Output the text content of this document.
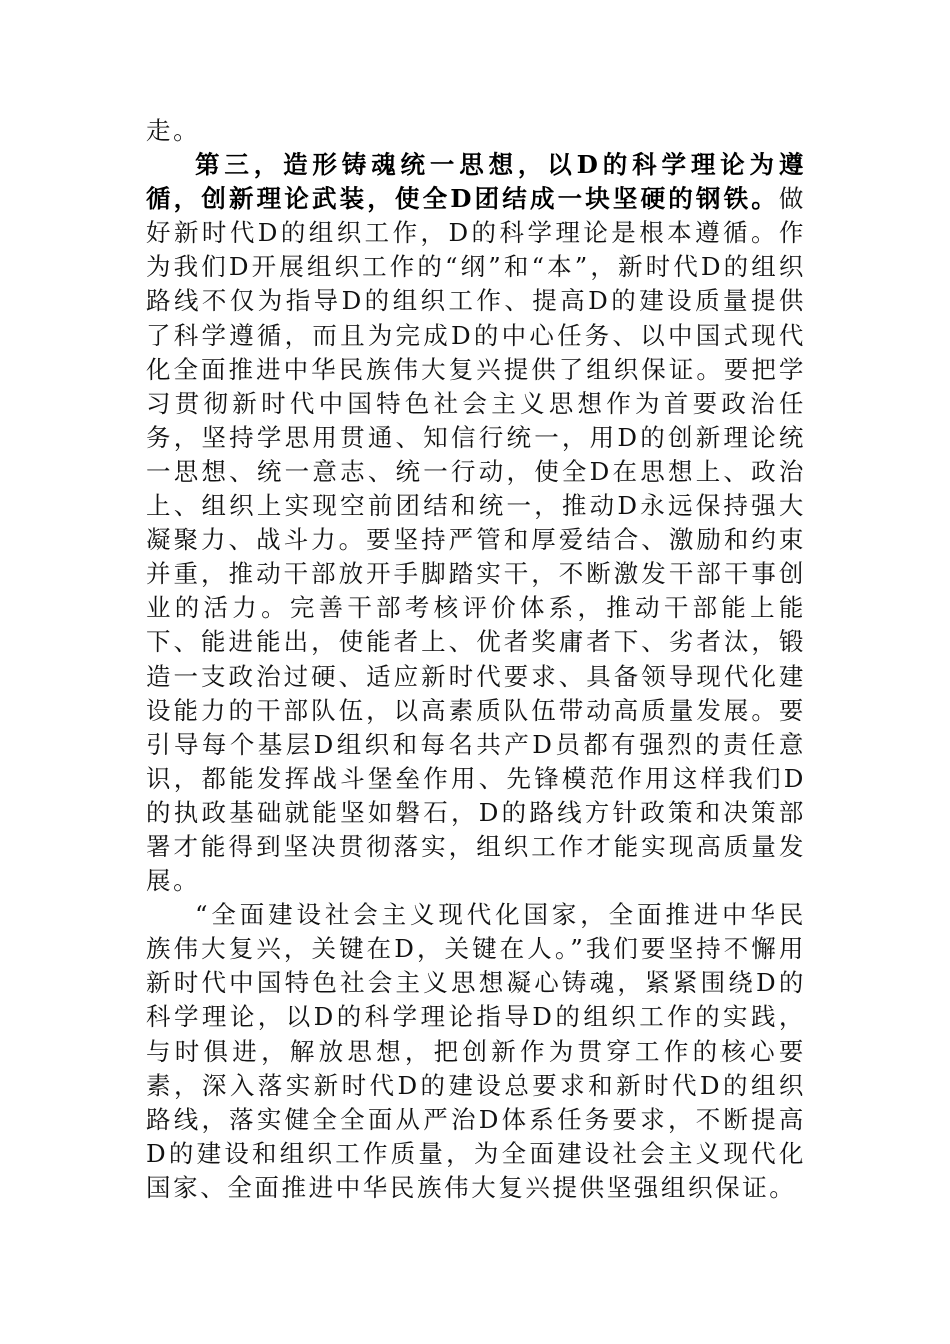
走。

第三，造形铸魂统一思想，以D的科学理论为遵循，创新理论武装，使全D团结成一块坚硬的钢铁。做好新时代D的组织工作，D的科学理论是根本遵循。作为我们D开展组织工作的“纲”和“本”，新时代D的组织路线不仅为指导D的组织工作、提高D的建设质量提供了科学遵循，而且为完成D的中心任务、以中国式现代化全面推进中华民族伟大复兴提供了组织保证。要把学习贯彻新时代中国特色社会主义思想作为首要政治任务，坚持学思用贯通、知信行统一，用D的创新理论统一思想、统一意志、统一行动，使全D在思想上、政治上、组织上实现空前团结和统一，推动D永远保持强大凝聚力、战斗力。要坚持严管和厚爱结合、激励和约束并重，推动干部放开手脚踏实干，不断激发干部干事创业的活力。完善干部考核评价体系，推动干部能上能下、能进能出，使能者上、优者奖庸者下、劣者汰，锻造一支政治过硬、适应新时代要求、具备领导现代化建设能力的干部队伍，以高素质队伍带动高质量发展。要引导每个基层D组织和每名共产D员都有强烈的责任意识，都能发挥战斗堡垒作用、先锋模范作用这样我们D的执政基础就能坚如磐石，D的路线方针政策和决策部署才能得到坚决贯彻落实，组织工作才能实现高质量发展。

“全面建设社会主义现代化国家，全面推进中华民族伟大复兴，关键在D，关键在人。”我们要坚持不懈用新时代中国特色社会主义思想凝心铸魂，紧紧围绕D的科学理论，以D的科学理论指导D的组织工作的实践，与时俱进，解放思想，把创新作为贯穿工作的核心要素，深入落实新时代D的建设总要求和新时代D的组织路线，落实健全全面从严治D体系任务要求，不断提高D的建设和组织工作质量，为全面建设社会主义现代化国家、全面推进中华民族伟大复兴提供坚强组织保证。
